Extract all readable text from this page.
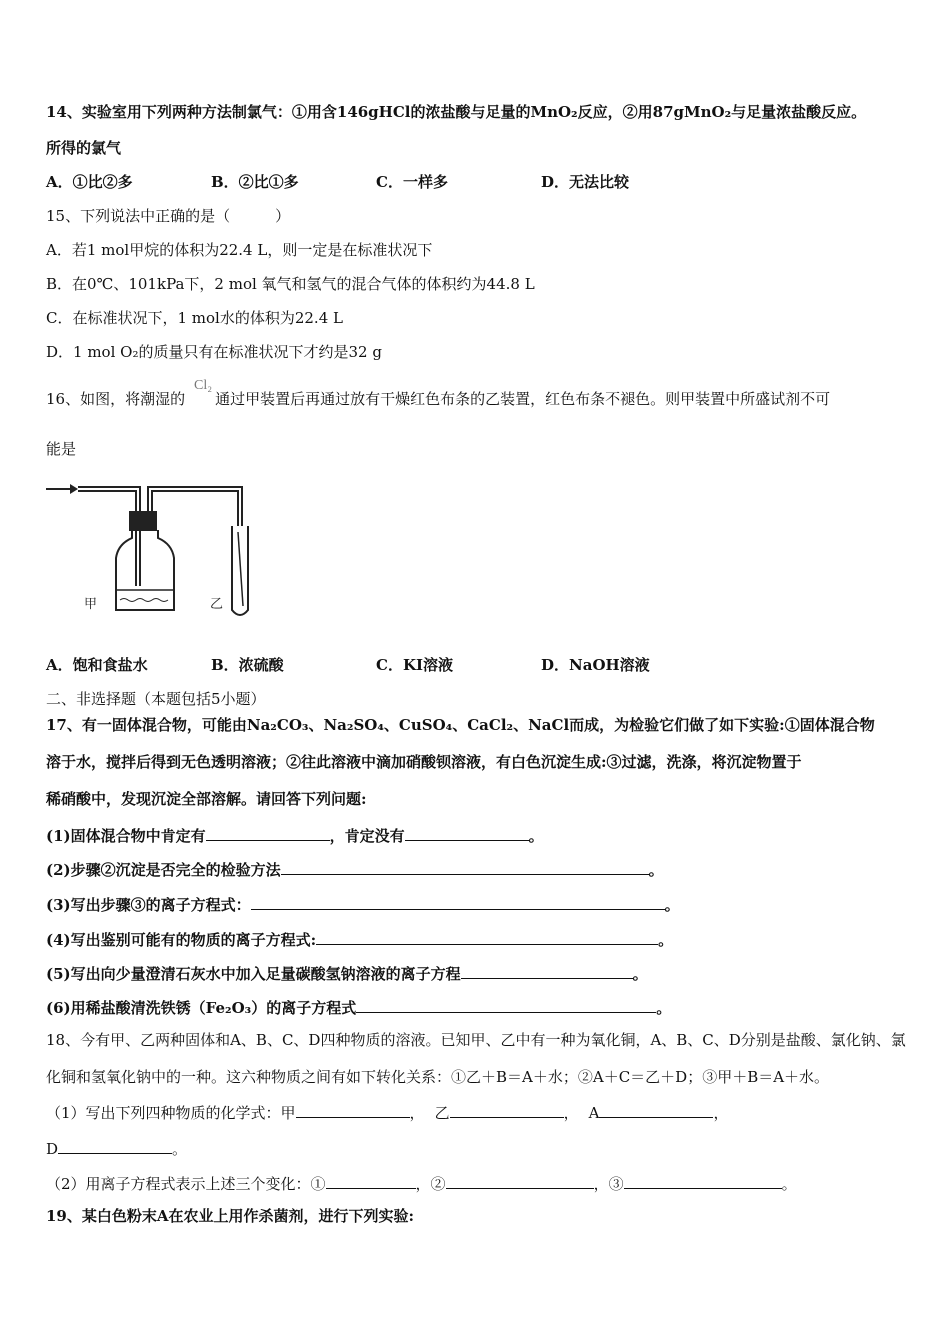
14、实验室用下列两种方法制氯气：①用含146gHCl的浓盐酸与足量的MnO₂反应，②用87gMnO₂与足量浓盐酸反应。
所得的氯气
A．①比②多	B．②比①多	C．一样多	D．无法比较
15、下列说法中正确的是（　　　）
A．若1 mol甲烷的体积为22.4 L，则一定是在标准状况下
B．在0℃、101kPa下，2 mol 氧气和氢气的混合气体的体积约为44.8 L
C．在标准状况下，1 mol水的体积为22.4 L
D．1 mol O₂的质量只有在标准状况下才约是32 g
16、如图，将潮湿的 通过甲装置后再通过放有干燥红色布条的乙装置，红色布条不褪色。则甲装置中所盛试剂不可
Cl₂
能是
甲	乙
A．饱和食盐水	B．浓硫酸	C．KI溶液	D．NaOH溶液
二、非选择题（本题包括5小题）
17、有一固体混合物，可能由Na₂CO₃、Na₂SO₄、CuSO₄、CaCl₂、NaCl而成，为检验它们做了如下实验:①固体混合物
溶于水，搅拌后得到无色透明溶液；②往此溶液中滴加硝酸钡溶液，有白色沉淀生成:③过滤，洗涤，将沉淀物置于
稀硝酸中，发现沉淀全部溶解。请回答下列问题:
(1)固体混合物中肯定有	，肯定没有	。
(2)步骤②沉淀是否完全的检验方法	。
(3)写出步骤③的离子方程式：	。
(4)写出鉴别可能有的物质的离子方程式:	。
(5)写出向少量澄清石灰水中加入足量碳酸氢钠溶液的离子方程	。
(6)用稀盐酸清洗铁锈（Fe₂O₃）的离子方程式	。
18、今有甲、乙两种固体和A、B、C、D四种物质的溶液。已知甲、乙中有一种为氧化铜，A、B、C、D分别是盐酸、氯化钠、氯
化铜和氢氧化钠中的一种。这六种物质之间有如下转化关系：①乙＋B＝A＋水；②A＋C＝乙＋D；③甲＋B＝A＋水。
（1）写出下列四种物质的化学式：甲	， 乙	， A	，
D	。
（2）用离子方程式表示上述三个变化：①	，②	，③	。
19、某白色粉末A在农业上用作杀菌剂，进行下列实验:
